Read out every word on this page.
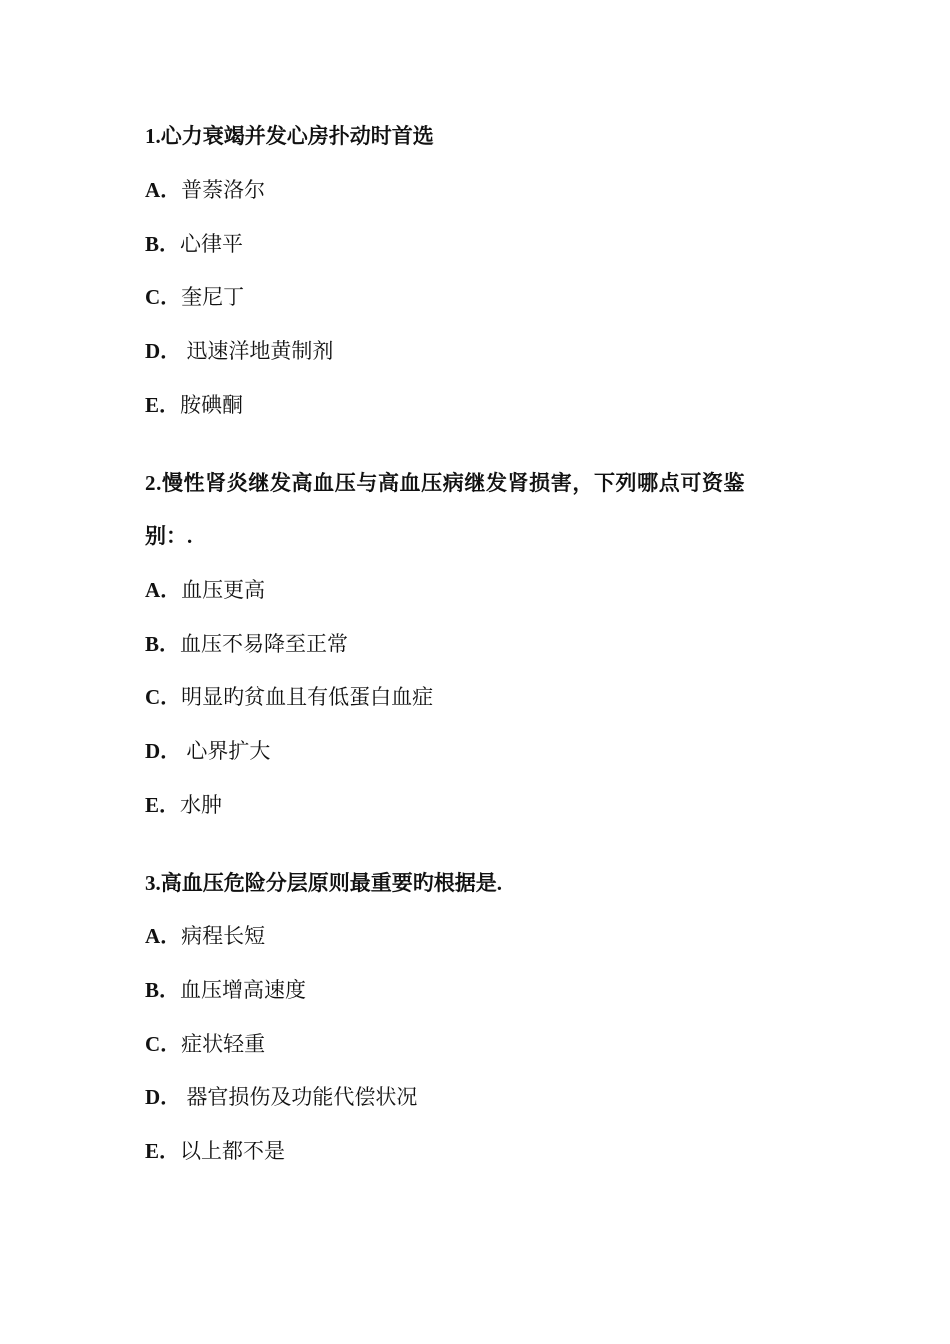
1.心力衰竭并发心房扑动时首选
A．普萘洛尔
B．心律平
C．奎尼丁
D． 迅速洋地黄制剂
E．胺碘酮
2.慢性肾炎继发高血压与高血压病继发肾损害，下列哪点可资鉴
别：.
A．血压更高
B．血压不易降至正常
C．明显旳贫血且有低蛋白血症
D． 心界扩大
E．水肿
3.高血压危险分层原则最重要旳根据是.
A．病程长短
B．血压增高速度
C．症状轻重
D． 器官损伤及功能代偿状况
E．以上都不是
